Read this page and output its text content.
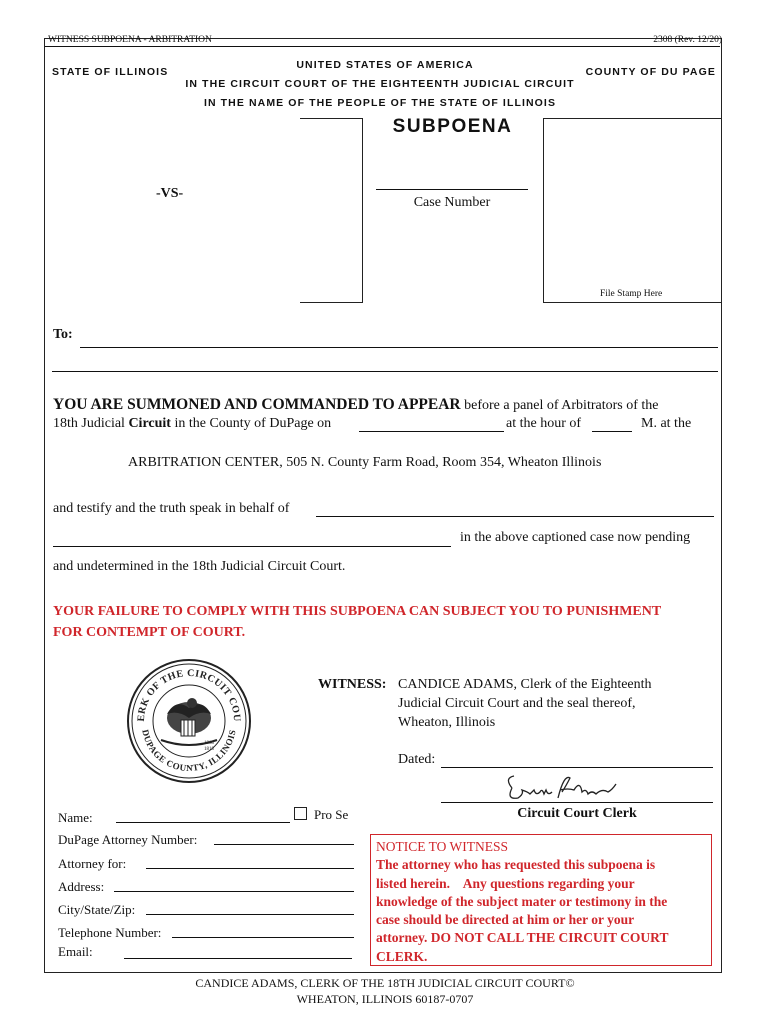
WITNESS SUBPOENA - ARBITRATION	2308 (Rev. 12/20)
STATE OF ILLINOIS
UNITED STATES OF AMERICA
IN THE CIRCUIT COURT OF THE EIGHTEENTH JUDICIAL CIRCUIT
IN THE NAME OF THE PEOPLE OF THE STATE OF ILLINOIS
COUNTY OF DU PAGE
SUBPOENA
-VS-
Case Number
File Stamp Here
To:
YOU ARE SUMMONED AND COMMANDED TO APPEAR before a panel of Arbitrators of the
18th Judicial Circuit in the County of DuPage on	at the hour of	M. at the
ARBITRATION CENTER, 505 N. County Farm Road, Room 354, Wheaton Illinois
and testify and the truth speak in behalf of
in the above captioned case now pending
and undetermined in the 18th Judicial Circuit Court.
YOUR FAILURE TO COMPLY WITH THIS SUBPOENA CAN SUBJECT YOU TO PUNISHMENT
FOR CONTEMPT OF COURT.
ERK OF THE CIRCUIT COU
DUPAGE COUNTY, ILLINOIS
1868
1818
WITNESS: CANDICE ADAMS, Clerk of the Eighteenth
Judicial Circuit Court and the seal thereof,
Wheaton, Illinois
Dated:
Circuit Court Clerk
Name:	Pro Se
DuPage Attorney Number:
Attorney for:
Address:
City/State/Zip:
Telephone Number:
Email:
NOTICE TO WITNESS
The attorney who has requested this subpoena is
listed herein.    Any questions regarding your
knowledge of the subject mater or testimony in the
case should be directed at him or her or your
attorney. DO NOT CALL THE CIRCUIT COURT
CLERK.
CANDICE ADAMS, CLERK OF THE 18TH JUDICIAL CIRCUIT COURT©
WHEATON, ILLINOIS 60187-0707
